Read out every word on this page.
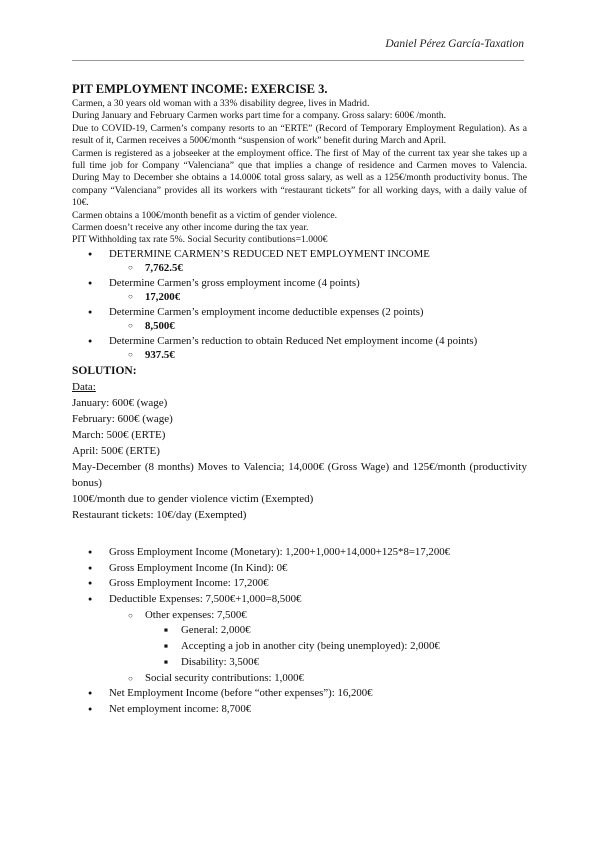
Daniel Pérez García-Taxation

PIT EMPLOYMENT INCOME: EXERCISE 3.

Carmen, a 30 years old woman with a 33% disability degree, lives in Madrid.

During January and February Carmen works part time for a company. Gross salary: 600€ /month.

Due to COVID-19, Carmen’s company resorts to an “ERTE” (Record of Temporary Employment Regulation). As a result of it, Carmen receives a 500€/month “suspension of work” benefit during March and April.

Carmen is registered as a jobseeker at the employment office. The first of May of the current tax year she takes up a full time job for Company “Valenciana” que that implies a change of residence and Carmen moves to Valencia. During May to December she obtains a 14.000€ total gross salary, as well as a 125€/month productivity bonus. The company “Valenciana” provides all its workers with “restaurant tickets” for all working days, with a daily value of 10€.

Carmen obtains a 100€/month benefit as a victim of gender violence.

Carmen doesn’t receive any other income during the tax year.

PIT Withholding tax rate 5%. Social Security contibutions=1.000€

● DETERMINE CARMEN’S REDUCED NET EMPLOYMENT INCOME
○ 7,762.5€
● Determine Carmen’s gross employment income (4 points)
○ 17,200€
● Determine Carmen’s employment income deductible expenses (2 points)
○ 8,500€
● Determine Carmen’s reduction to obtain Reduced Net employment income (4 points)
○ 937.5€

SOLUTION:

Data:

January: 600€ (wage)

February: 600€ (wage)

March: 500€ (ERTE)

April: 500€ (ERTE)

May-December (8 months) Moves to Valencia; 14,000€ (Gross Wage) and 125€/month (productivity bonus)

100€/month due to gender violence victim (Exempted)

Restaurant tickets: 10€/day (Exempted)

● Gross Employment Income (Monetary): 1,200+1,000+14,000+125*8=17,200€
● Gross Employment Income (In Kind): 0€
● Gross Employment Income: 17,200€
● Deductible Expenses: 7,500€+1,000=8,500€
○ Other expenses: 7,500€
■ General: 2,000€
■ Accepting a job in another city (being unemployed): 2,000€
■ Disability: 3,500€
○ Social security contributions: 1,000€
● Net Employment Income (before “other expenses”): 16,200€
● Net employment income: 8,700€
